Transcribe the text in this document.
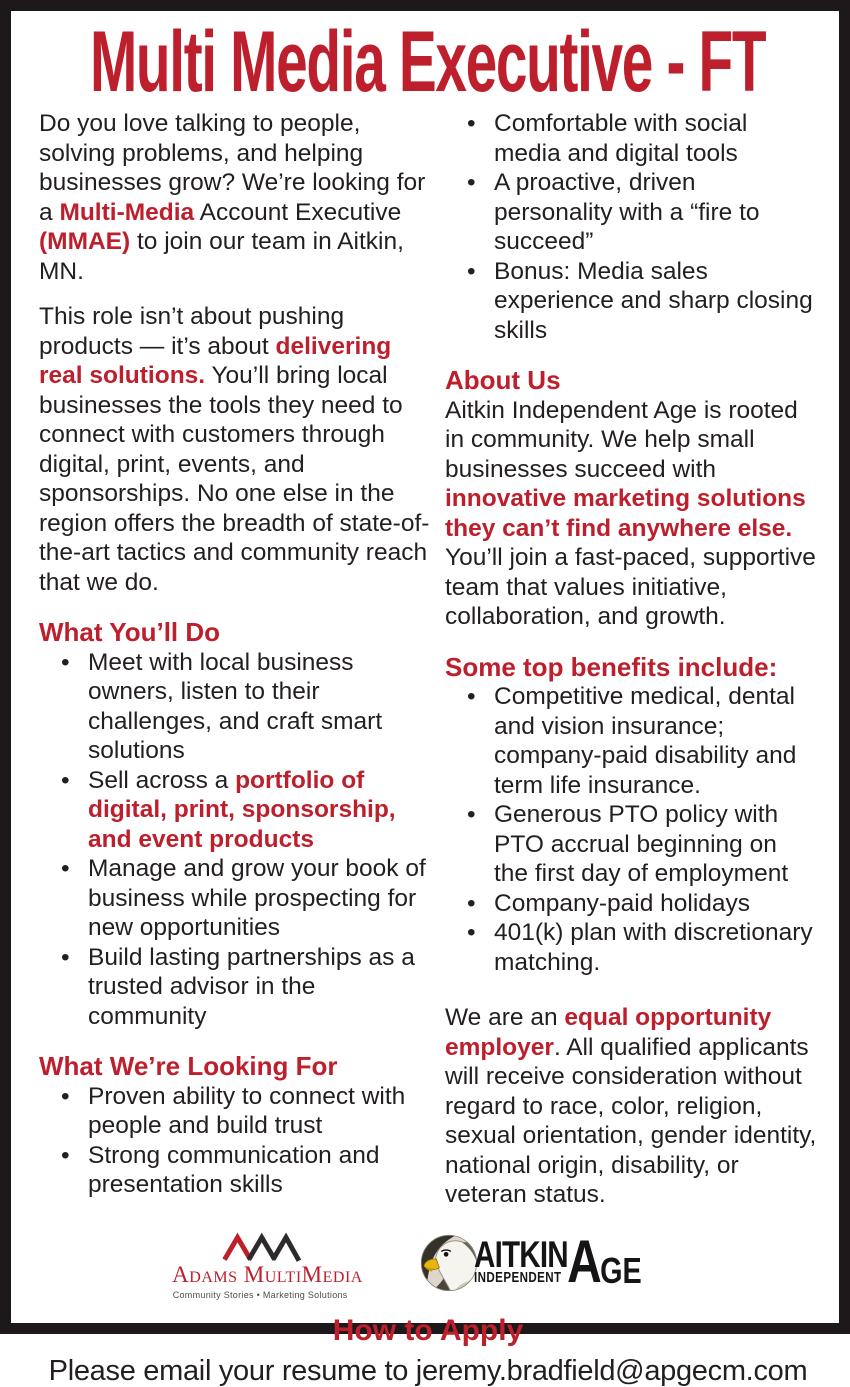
Multi Media Executive - FT

Do you love talking to people, solving problems, and helping businesses grow? We’re looking for a Multi-Media Account Executive (MMAE) to join our team in Aitkin, MN.

This role isn’t about pushing products — it’s about delivering real solutions. You’ll bring local businesses the tools they need to connect with customers through digital, print, events, and sponsorships. No one else in the region offers the breadth of state-of-the-art tactics and community reach that we do.

What You’ll Do
• Meet with local business owners, listen to their challenges, and craft smart solutions
• Sell across a portfolio of digital, print, sponsorship, and event products
• Manage and grow your book of business while prospecting for new opportunities
• Build lasting partnerships as a trusted advisor in the community
What We’re Looking For
• Proven ability to connect with people and build trust
• Strong communication and presentation skills
• Comfortable with social media and digital tools
• A proactive, driven personality with a “fire to succeed”
• Bonus: Media sales experience and sharp closing skills
About Us

Aitkin Independent Age is rooted in community. We help small businesses succeed with innovative marketing solutions they can’t find anywhere else. You’ll join a fast-paced, supportive team that values initiative, collaboration, and growth.

Some top benefits include:
• Competitive medical, dental and vision insurance; company-paid disability and term life insurance.
• Generous PTO policy with PTO accrual beginning on the first day of employment
• Company-paid holidays
• 401(k) plan with discretionary matching.

We are an equal opportunity employer. All qualified applicants will receive consideration without regard to race, color, religion, sexual orientation, gender identity, national origin, disability, or veteran status.

Adams MultiMedia
Community Stories • Marketing Solutions
AITKIN
INDEPENDENT A
GE
How to Apply
Please email your resume to jeremy.bradfield@apgecm.com
